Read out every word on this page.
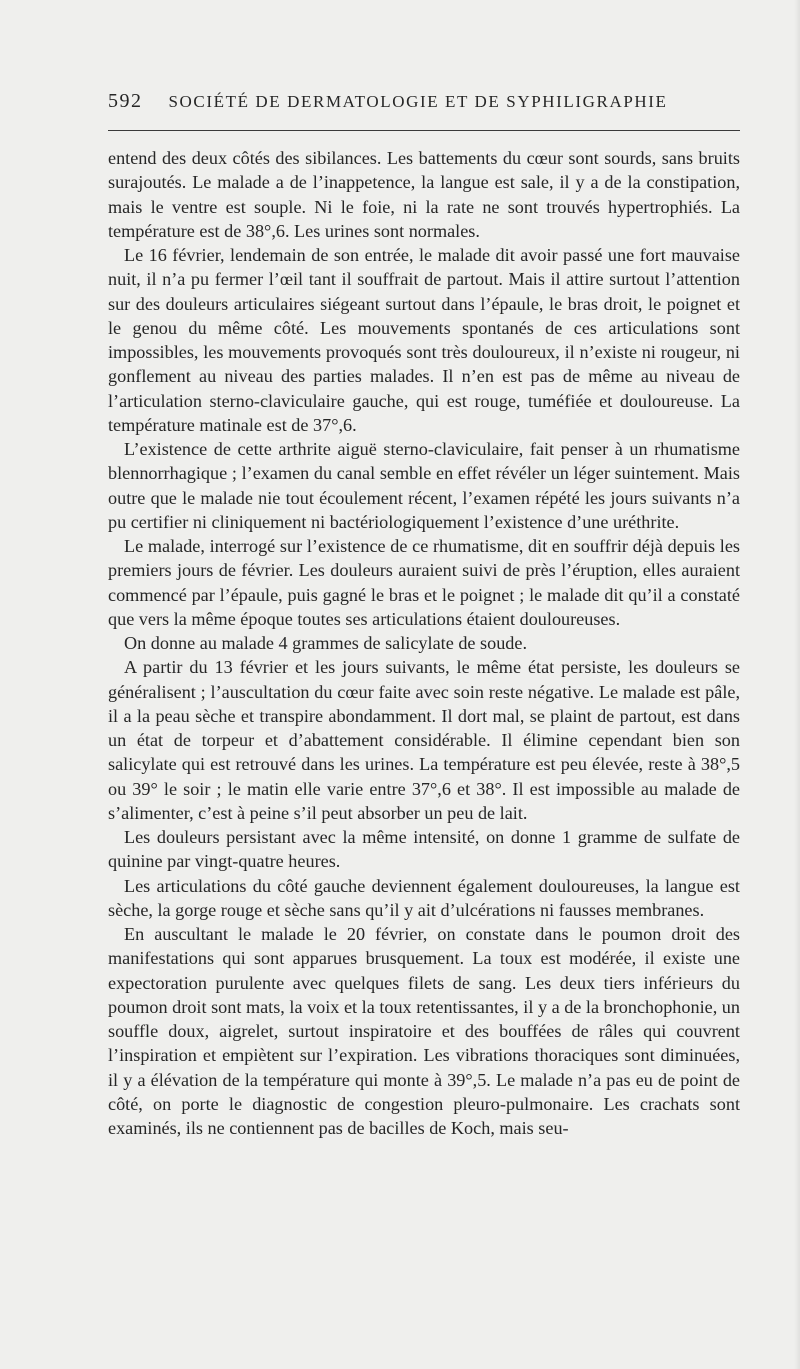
592 SOCIÉTÉ DE DERMATOLOGIE ET DE SYPHILIGRAPHIE

entend des deux côtés des sibilances. Les battements du cœur sont sourds, sans bruits surajoutés. Le malade a de l’inappetence, la langue est sale, il y a de la constipation, mais le ventre est souple. Ni le foie, ni la rate ne sont trouvés hypertrophiés. La température est de 38°,6. Les urines sont normales.

Le 16 février, lendemain de son entrée, le malade dit avoir passé une fort mauvaise nuit, il n’a pu fermer l’œil tant il souffrait de partout. Mais il attire surtout l’attention sur des douleurs articulaires siégeant surtout dans l’épaule, le bras droit, le poignet et le genou du même côté. Les mouvements spontanés de ces articulations sont impossibles, les mouvements provoqués sont très douloureux, il n’existe ni rougeur, ni gonflement au niveau des parties malades. Il n’en est pas de même au niveau de l’articulation sterno-claviculaire gauche, qui est rouge, tuméfiée et douloureuse. La température matinale est de 37°,6.

L’existence de cette arthrite aiguë sterno-claviculaire, fait penser à un rhumatisme blennorrhagique ; l’examen du canal semble en effet révéler un léger suintement. Mais outre que le malade nie tout écoulement récent, l’examen répété les jours suivants n’a pu certifier ni cliniquement ni bactériologiquement l’existence d’une uréthrite.

Le malade, interrogé sur l’existence de ce rhumatisme, dit en souffrir déjà depuis les premiers jours de février. Les douleurs auraient suivi de près l’éruption, elles auraient commencé par l’épaule, puis gagné le bras et le poignet ; le malade dit qu’il a constaté que vers la même époque toutes ses articulations étaient douloureuses.

On donne au malade 4 grammes de salicylate de soude.

A partir du 13 février et les jours suivants, le même état persiste, les douleurs se généralisent ; l’auscultation du cœur faite avec soin reste négative. Le malade est pâle, il a la peau sèche et transpire abondamment. Il dort mal, se plaint de partout, est dans un état de torpeur et d’abattement considérable. Il élimine cependant bien son salicylate qui est retrouvé dans les urines. La température est peu élevée, reste à 38°,5 ou 39° le soir ; le matin elle varie entre 37°,6 et 38°. Il est impossible au malade de s’alimenter, c’est à peine s’il peut absorber un peu de lait.

Les douleurs persistant avec la même intensité, on donne 1 gramme de sulfate de quinine par vingt-quatre heures.

Les articulations du côté gauche deviennent également douloureuses, la langue est sèche, la gorge rouge et sèche sans qu’il y ait d’ulcérations ni fausses membranes.

En auscultant le malade le 20 février, on constate dans le poumon droit des manifestations qui sont apparues brusquement. La toux est modérée, il existe une expectoration purulente avec quelques filets de sang. Les deux tiers inférieurs du poumon droit sont mats, la voix et la toux retentissantes, il y a de la bronchophonie, un souffle doux, aigrelet, surtout inspiratoire et des bouffées de râles qui couvrent l’inspiration et empiètent sur l’expiration. Les vibrations thoraciques sont diminuées, il y a élévation de la température qui monte à 39°,5. Le malade n’a pas eu de point de côté, on porte le diagnostic de congestion pleuro-pulmonaire. Les crachats sont examinés, ils ne contiennent pas de bacilles de Koch, mais seu-
